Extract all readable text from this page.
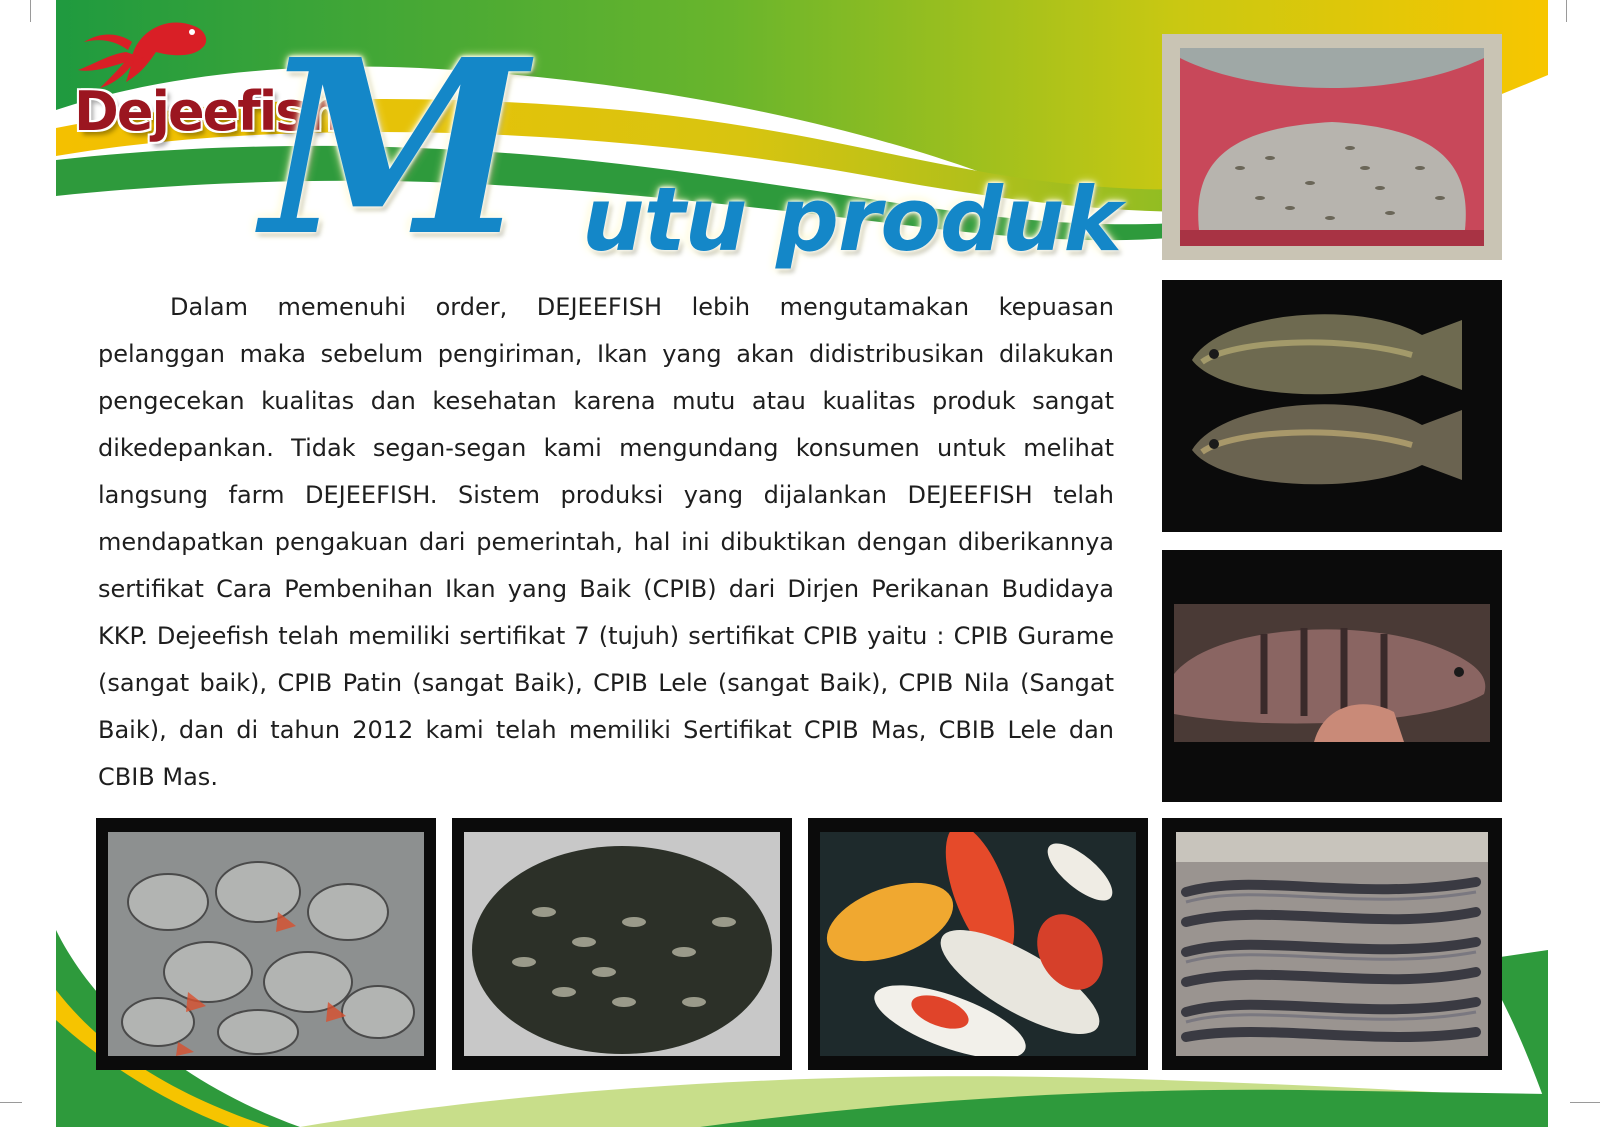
Dejeefish
M utu produk

Dalam memenuhi order, DEJEEFISH lebih mengutamakan kepuasan pelanggan maka sebelum pengiriman, Ikan yang akan didistribusikan dilakukan pengecekan kualitas dan kesehatan karena mutu atau kualitas produk sangat dikedepankan. Tidak segan-segan kami mengundang konsumen untuk melihat langsung farm DEJEEFISH. Sistem produksi yang dijalankan DEJEEFISH telah mendapatkan pengakuan dari pemerintah, hal ini dibuktikan dengan diberikannya sertifikat Cara Pembenihan Ikan yang Baik (CPIB) dari Dirjen Perikanan Budidaya KKP. Dejeefish telah memiliki sertifikat 7 (tujuh) sertifikat CPIB yaitu : CPIB Gurame (sangat baik), CPIB Patin (sangat Baik), CPIB Lele (sangat Baik), CPIB Nila (Sangat Baik), dan di tahun 2012 kami telah memiliki Sertifikat CPIB Mas, CBIB Lele dan CBIB Mas.
